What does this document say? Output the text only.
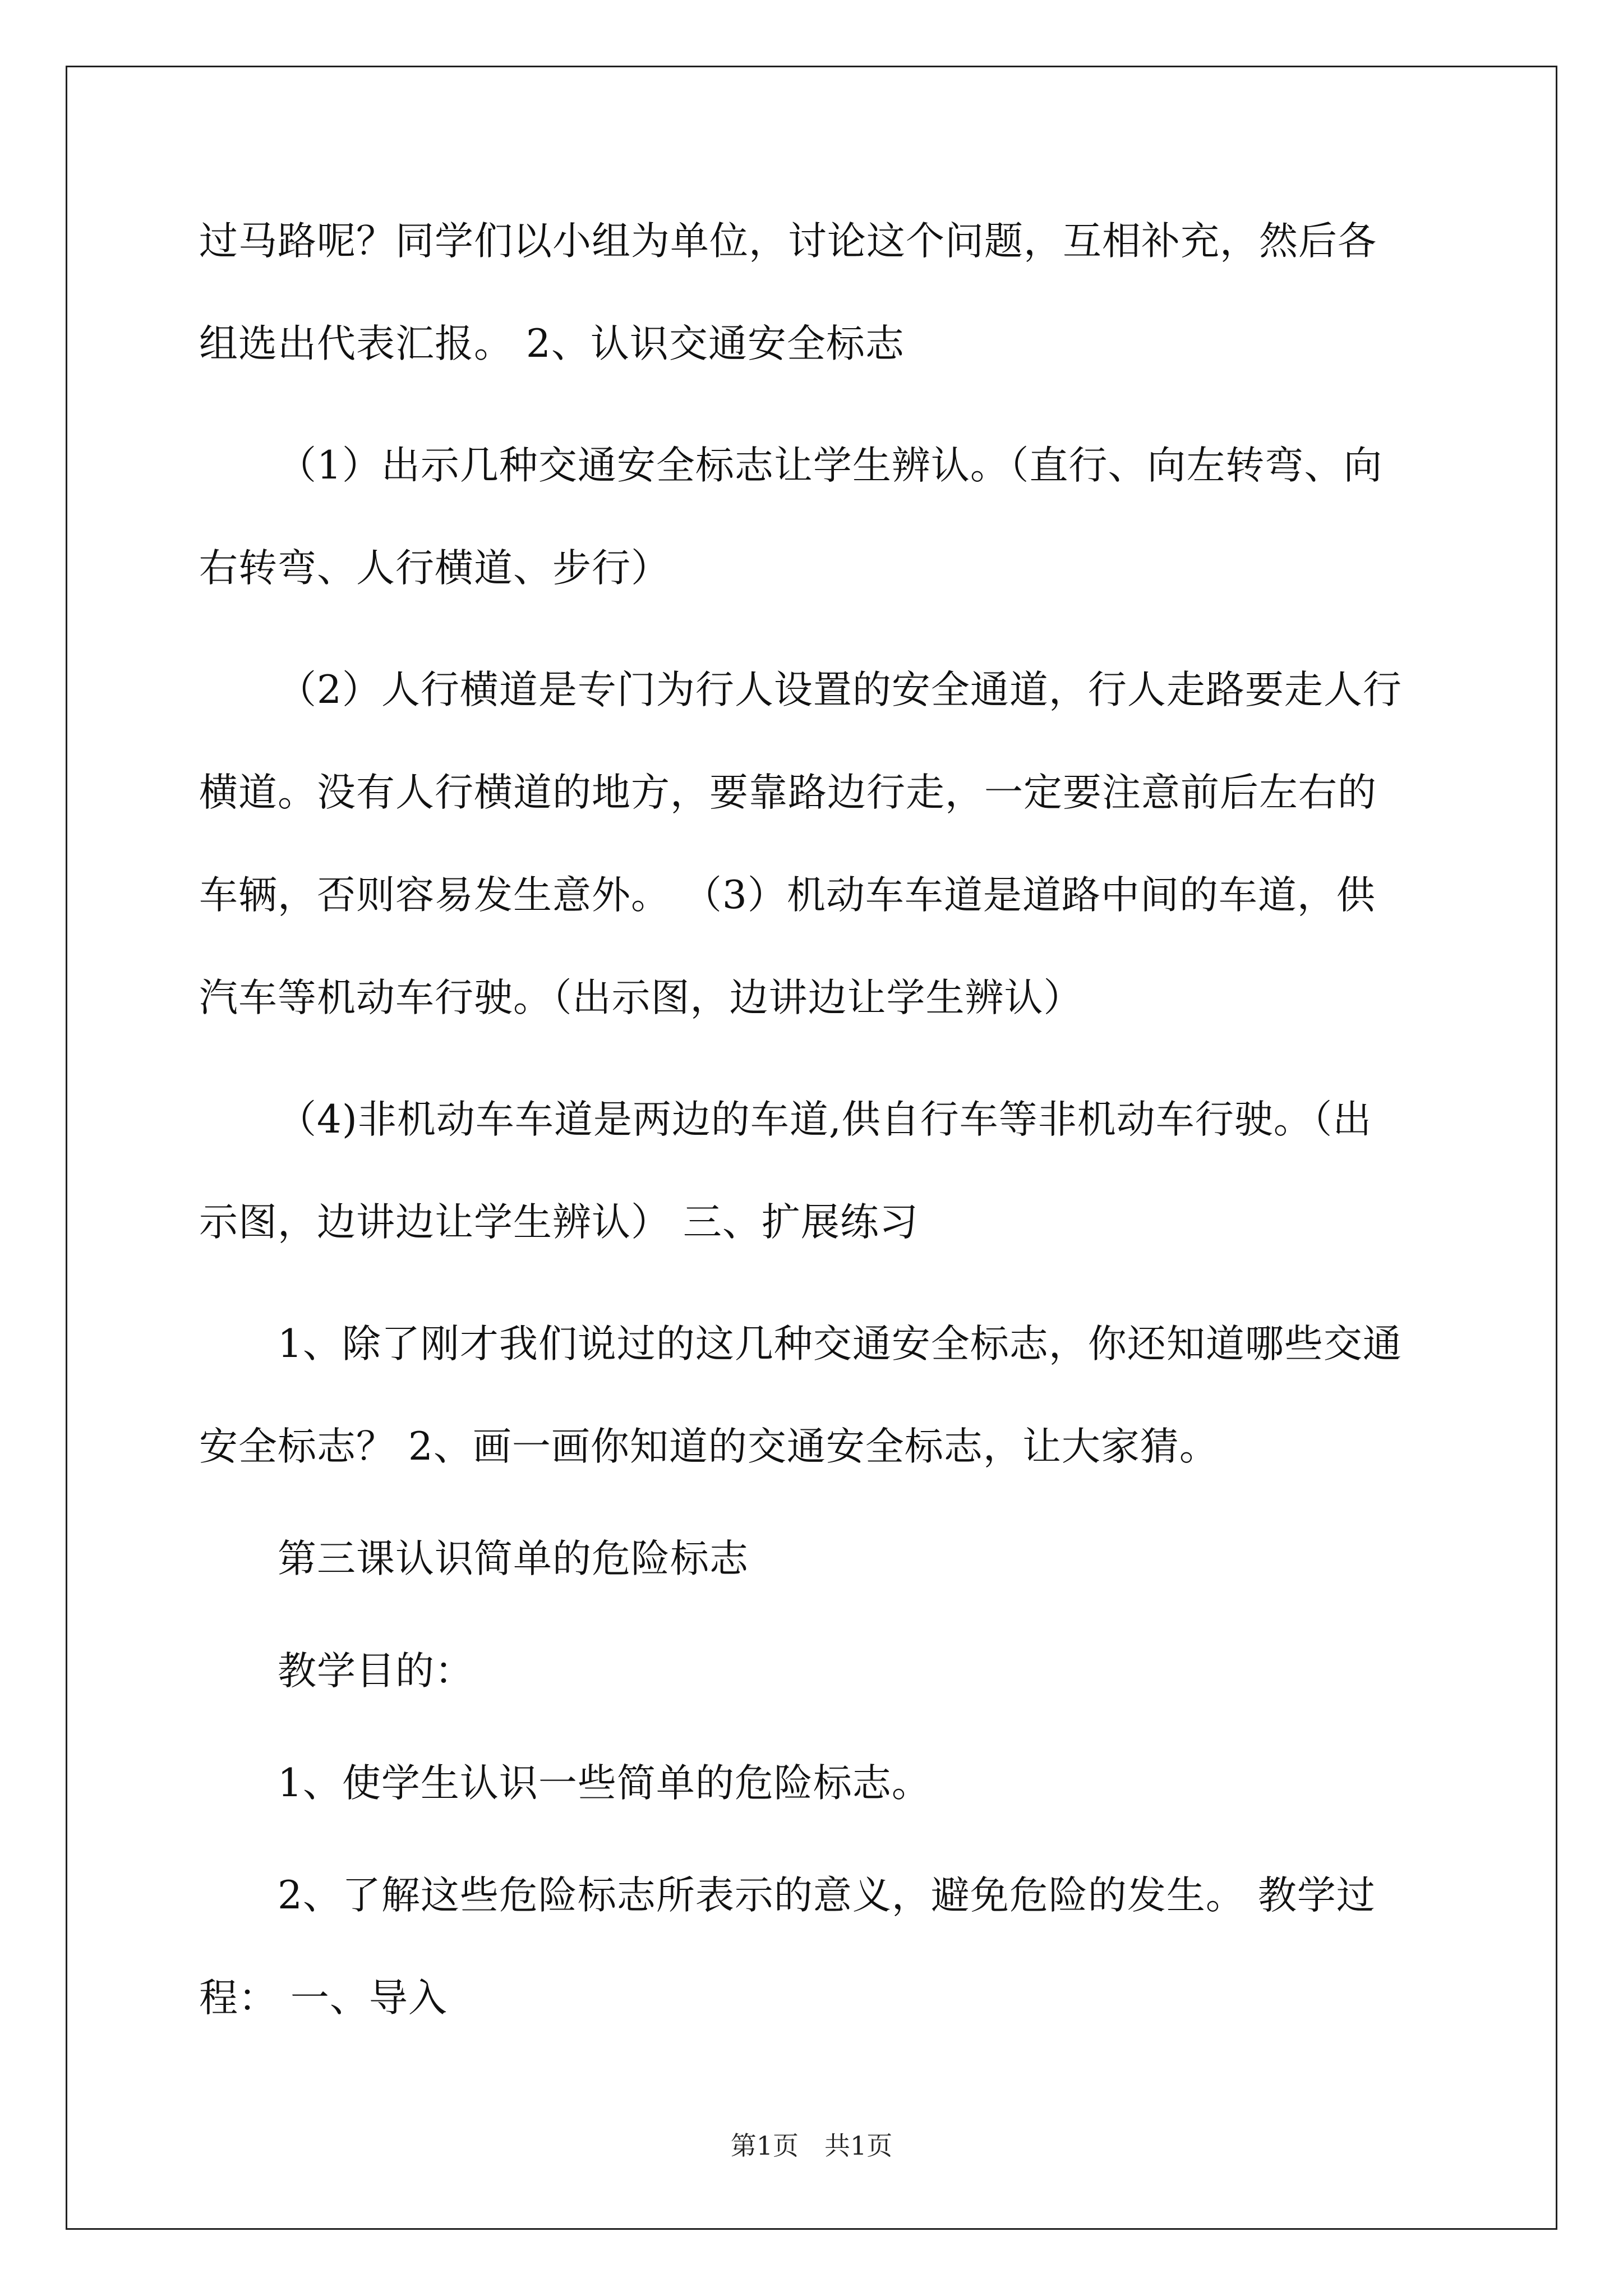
过马路呢？同学们以小组为单位，讨论这个问题，互相补充，然后各
组选出代表汇报。 2、认识交通安全标志
（1）出示几种交通安全标志让学生辨认。（直行、向左转弯、向
右转弯、人行横道、步行）
（2）人行横道是专门为行人设置的安全通道，行人走路要走人行
横道。没有人行横道的地方，要靠路边行走，一定要注意前后左右的
车辆，否则容易发生意外。 （3）机动车车道是道路中间的车道，供
汽车等机动车行驶。（出示图，边讲边让学生辨认）
（4)非机动车车道是两边的车道,供自行车等非机动车行驶。（出
示图，边讲边让学生辨认） 三、扩展练习
1、除了刚才我们说过的这几种交通安全标志，你还知道哪些交通
安全标志？ 2、画一画你知道的交通安全标志，让大家猜。
第三课认识简单的危险标志
教学目的：
1、使学生认识一些简单的危险标志。
2、了解这些危险标志所表示的意义，避免危险的发生。 教学过
程： 一、导入
第1页　共1页
